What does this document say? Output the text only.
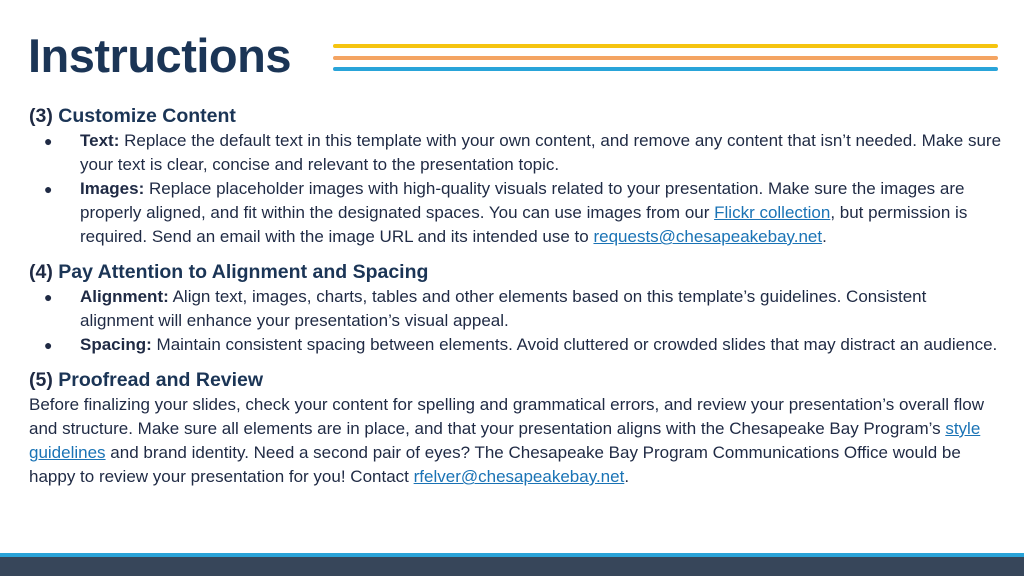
Instructions
(3) Customize Content
● Text: Replace the default text in this template with your own content, and remove any content that isn’t needed. Make sure your text is clear, concise and relevant to the presentation topic.
● Images: Replace placeholder images with high-quality visuals related to your presentation. Make sure the images are properly aligned, and fit within the designated spaces. You can use images from our Flickr collection, but permission is required. Send an email with the image URL and its intended use to requests@chesapeakebay.net.
(4) Pay Attention to Alignment and Spacing
● Alignment: Align text, images, charts, tables and other elements based on this template’s guidelines. Consistent alignment will enhance your presentation’s visual appeal.
● Spacing: Maintain consistent spacing between elements. Avoid cluttered or crowded slides that may distract an audience.
(5) Proofread and Review
Before finalizing your slides, check your content for spelling and grammatical errors, and review your presentation’s overall flow and structure. Make sure all elements are in place, and that your presentation aligns with the Chesapeake Bay Program’s style guidelines and brand identity. Need a second pair of eyes? The Chesapeake Bay Program Communications Office would be happy to review your presentation for you! Contact rfelver@chesapeakebay.net.
